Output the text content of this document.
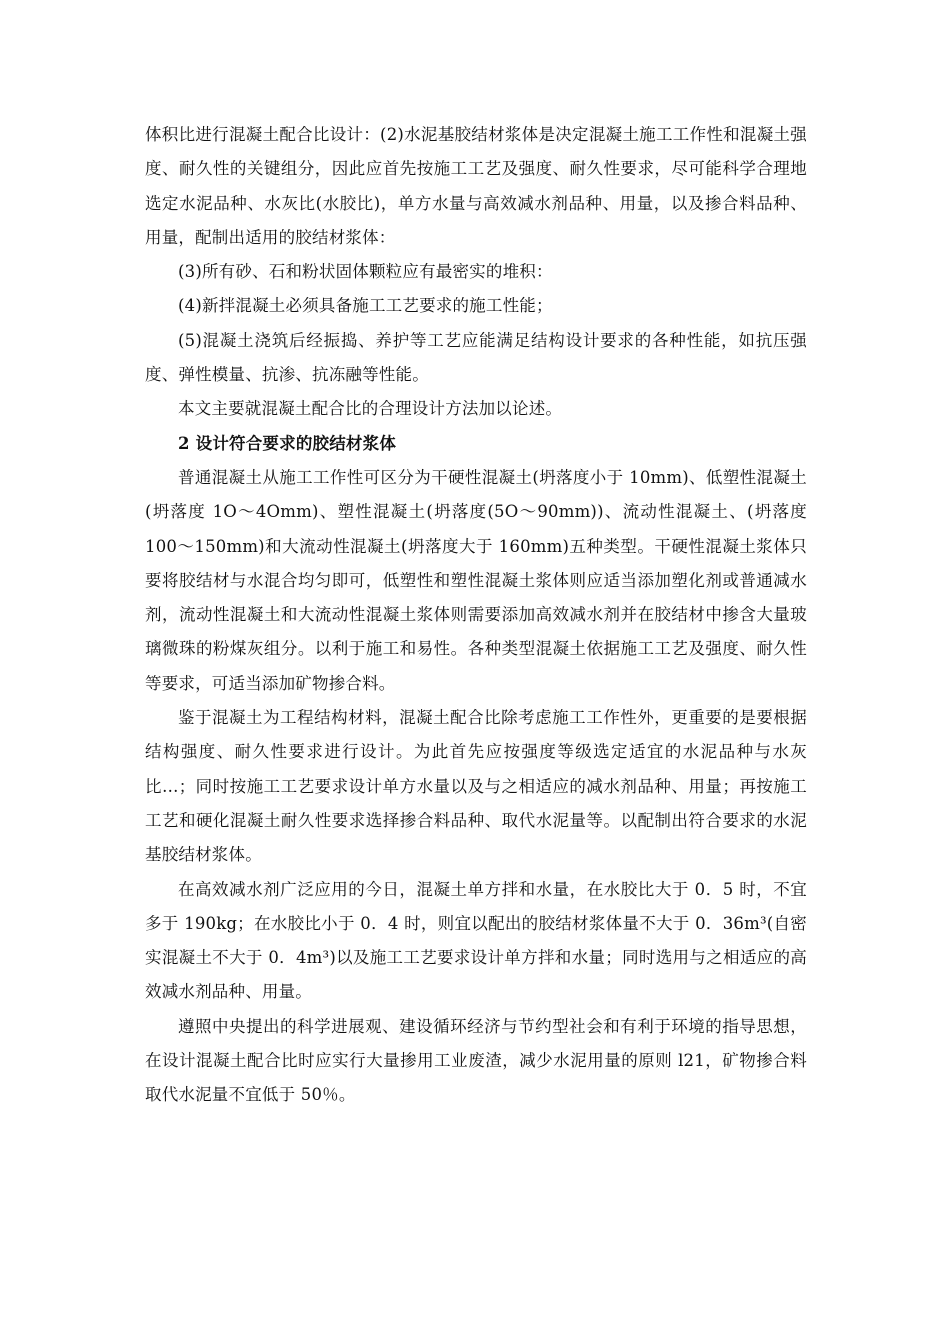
体积比进行混凝土配合比设计：(2)水泥基胶结材浆体是决定混凝土施工工作性和混凝土强度、耐久性的关键组分，因此应首先按施工工艺及强度、耐久性要求，尽可能科学合理地选定水泥品种、水灰比(水胶比)，单方水量与高效减水剂品种、用量，以及掺合料品种、用量，配制出适用的胶结材浆体：

(3)所有砂、石和粉状固体颗粒应有最密实的堆积：

(4)新拌混凝土必须具备施工工艺要求的施工性能；

(5)混凝土浇筑后经振捣、养护等工艺应能满足结构设计要求的各种性能，如抗压强度、弹性模量、抗渗、抗冻融等性能。

本文主要就混凝土配合比的合理设计方法加以论述。

2 设计符合要求的胶结材浆体

普通混凝土从施工工作性可区分为干硬性混凝土(坍落度小于 10mm)、低塑性混凝土(坍落度 1O～4Omm)、塑性混凝土(坍落度(5O～90mm))、流动性混凝土、(坍落度 100～150mm)和大流动性混凝土(坍落度大于 160mm)五种类型。干硬性混凝土浆体只要将胶结材与水混合均匀即可，低塑性和塑性混凝土浆体则应适当添加塑化剂或普通减水剂，流动性混凝土和大流动性混凝土浆体则需要添加高效减水剂并在胶结材中掺含大量玻璃微珠的粉煤灰组分。以利于施工和易性。各种类型混凝土依据施工工艺及强度、耐久性等要求，可适当添加矿物掺合料。

鉴于混凝土为工程结构材料，混凝土配合比除考虑施工工作性外，更重要的是要根据结构强度、耐久性要求进行设计。为此首先应按强度等级选定适宜的水泥品种与水灰比…；同时按施工工艺要求设计单方水量以及与之相适应的减水剂品种、用量；再按施工工艺和硬化混凝土耐久性要求选择掺合料品种、取代水泥量等。以配制出符合要求的水泥基胶结材浆体。

在高效减水剂广泛应用的今日，混凝土单方拌和水量，在水胶比大于 0．5 时，不宜多于 190kg；在水胶比小于 0．4 时，则宜以配出的胶结材浆体量不大于 0．36m³(自密实混凝土不大于 0．4m³)以及施工工艺要求设计单方拌和水量；同时选用与之相适应的高效减水剂品种、用量。

遵照中央提出的科学进展观、建设循环经济与节约型社会和有利于环境的指导思想，在设计混凝土配合比时应实行大量掺用工业废渣，减少水泥用量的原则 l21，矿物掺合料取代水泥量不宜低于 50％。
